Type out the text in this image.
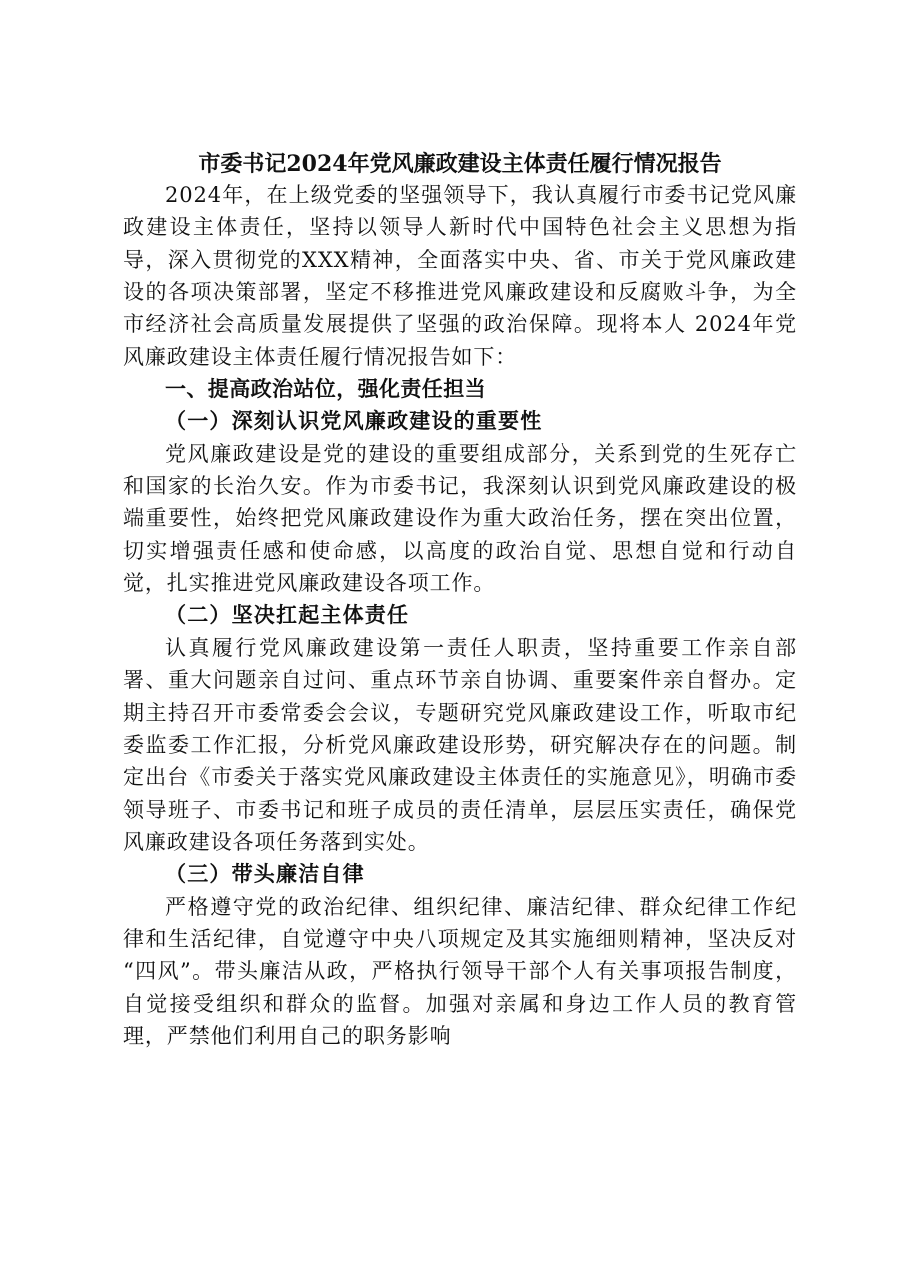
市委书记2024年党风廉政建设主体责任履行情况报告

2024年，在上级党委的坚强领导下，我认真履行市委书记党风廉政建设主体责任，坚持以领导人新时代中国特色社会主义思想为指导，深入贯彻党的XXX精神，全面落实中央、省、市关于党风廉政建设的各项决策部署，坚定不移推进党风廉政建设和反腐败斗争，为全市经济社会高质量发展提供了坚强的政治保障。现将本人 2024年党风廉政建设主体责任履行情况报告如下：

一、提高政治站位，强化责任担当
（一）深刻认识党风廉政建设的重要性

党风廉政建设是党的建设的重要组成部分，关系到党的生死存亡和国家的长治久安。作为市委书记，我深刻认识到党风廉政建设的极端重要性，始终把党风廉政建设作为重大政治任务，摆在突出位置，切实增强责任感和使命感，以高度的政治自觉、思想自觉和行动自觉，扎实推进党风廉政建设各项工作。

（二）坚决扛起主体责任

认真履行党风廉政建设第一责任人职责，坚持重要工作亲自部署、重大问题亲自过问、重点环节亲自协调、重要案件亲自督办。定期主持召开市委常委会会议，专题研究党风廉政建设工作，听取市纪委监委工作汇报，分析党风廉政建设形势，研究解决存在的问题。制定出台《市委关于落实党风廉政建设主体责任的实施意见》，明确市委领导班子、市委书记和班子成员的责任清单，层层压实责任，确保党风廉政建设各项任务落到实处。

（三）带头廉洁自律

严格遵守党的政治纪律、组织纪律、廉洁纪律、群众纪律工作纪律和生活纪律，自觉遵守中央八项规定及其实施细则精神，坚决反对 “四风”。带头廉洁从政，严格执行领导干部个人有关事项报告制度，自觉接受组织和群众的监督。加强对亲属和身边工作人员的教育管理，严禁他们利用自己的职务影响
